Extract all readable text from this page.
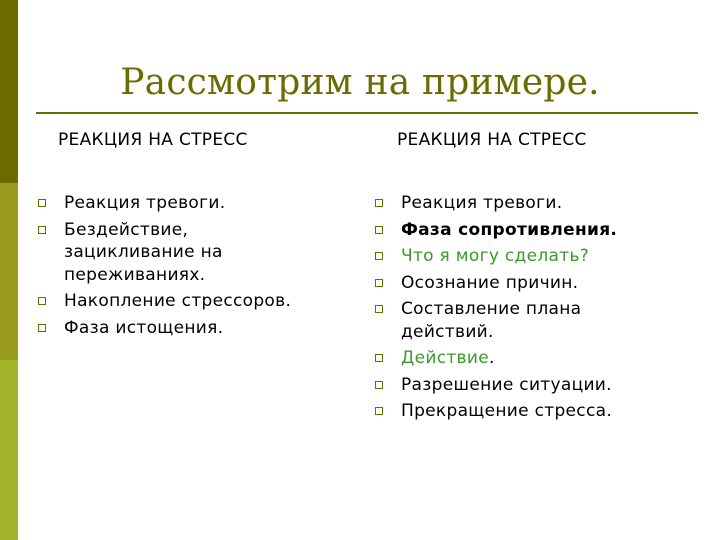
Рассмотрим на примере.
РЕАКЦИЯ НА СТРЕСС	РЕАКЦИЯ НА СТРЕСС
Реакция тревоги.
Бездействие, зацикливание на переживаниях.
Накопление стрессоров.
Фаза истощения.
Реакция тревоги.
Фаза сопротивления.
Что я могу сделать?
Осознание причин.
Составление плана действий.
Действие.
Разрешение ситуации.
Прекращение стресса.
